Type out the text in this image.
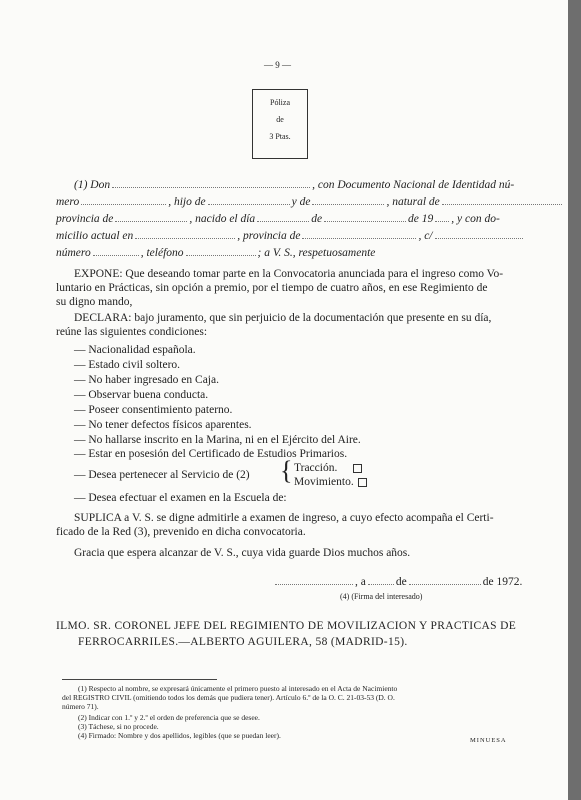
— 9 —
Póliza
de
3 Ptas.
(1) Don	, con Documento Nacional de Identidad nú-
mero	, hijo de	y de	, natural de
provincia de	, nacido el día	de	de 19 , y con do-
micilio actual en	, provincia de	, c/
número	, teléfono	; a V. S., respetuosamente
EXPONE: Que deseando tomar parte en la Convocatoria anunciada para el ingreso como Vo-
luntario en Prácticas, sin opción a premio, por el tiempo de cuatro años, en ese Regimiento de
su digno mando,
DECLARA: bajo juramento, que sin perjuicio de la documentación que presente en su día,
reúne las siguientes condiciones:
— Nacionalidad española.
— Estado civil soltero.
— No haber ingresado en Caja.
— Observar buena conducta.
— Poseer consentimiento paterno.
— No tener defectos físicos aparentes.
— No hallarse inscrito en la Marina, ni en el Ejército del Aire.
— Estar en posesión del Certificado de Estudios Primarios.
— Desea pertenecer al Servicio de (2) { Tracción.
Movimiento.
— Desea efectuar el examen en la Escuela de:
SUPLICA a V. S. se digne admitirle a examen de ingreso, a cuyo efecto acompaña el Certi-
ficado de la Red (3), prevenido en dicha convocatoria.
Gracia que espera alcanzar de V. S., cuya vida guarde Dios muchos años.
, a	de	de 1972.
(4) (Firma del interesado)
ILMO. SR. CORONEL JEFE DEL REGIMIENTO DE MOVILIZACION Y PRACTICAS DE
FERROCARRILES.—ALBERTO AGUILERA, 58 (MADRID-15).
(1) Respecto al nombre, se expresará únicamente el primero puesto al interesado en el Acta de Nacimiento
del REGISTRO CIVIL (omitiendo todos los demás que pudiera tener). Artículo 6.º de la O. C. 21-03-53 (D. O.
número 71).
(2) Indicar con 1.º y 2.º el orden de preferencia que se desee.
(3) Táchese, si no procede.
(4) Firmado: Nombre y dos apellidos, legibles (que se puedan leer).
MINUESA
